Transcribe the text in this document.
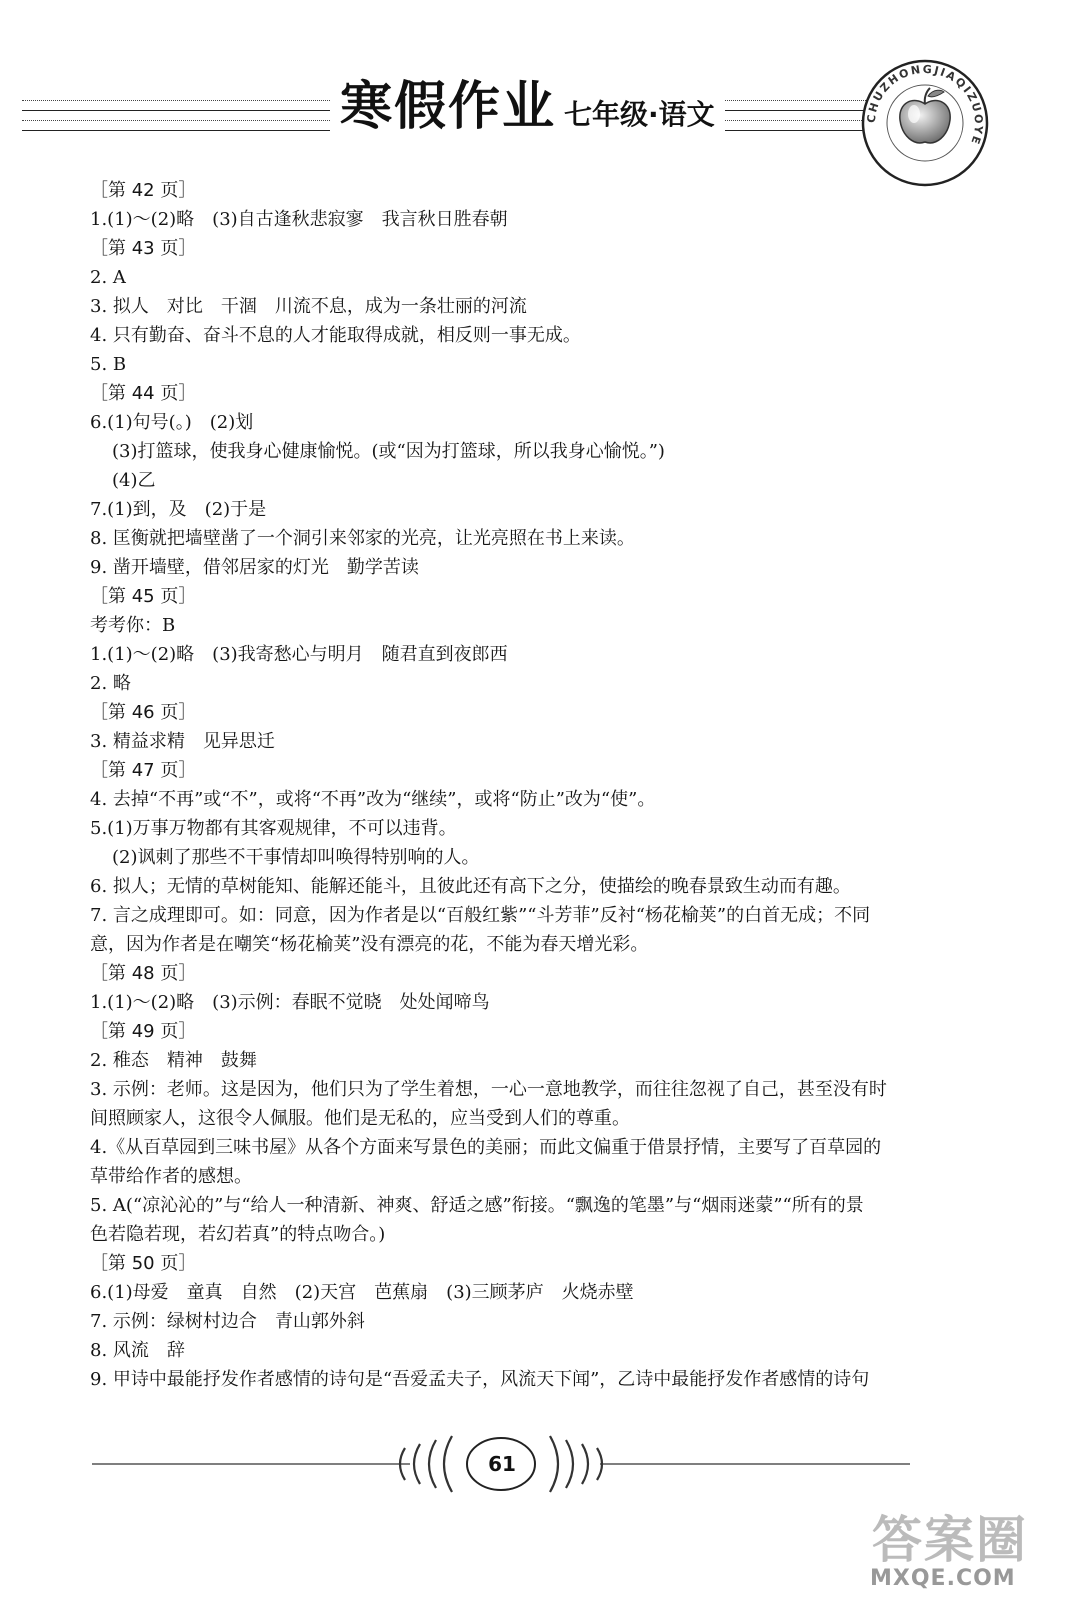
寒假作业 七年级·语文	CHUZHONGJIAQIZUOYE
［第 42 页］
1.(1)～(2)略　(3)自古逢秋悲寂寥　我言秋日胜春朝
［第 43 页］
2. A
3. 拟人　对比　干涸　川流不息，成为一条壮丽的河流
4. 只有勤奋、奋斗不息的人才能取得成就，相反则一事无成。
5. B
［第 44 页］
6.(1)句号(。)　(2)划
(3)打篮球，使我身心健康愉悦。(或“因为打篮球，所以我身心愉悦。”)
(4)乙
7.(1)到，及　(2)于是
8. 匡衡就把墙壁凿了一个洞引来邻家的光亮，让光亮照在书上来读。
9. 凿开墙壁，借邻居家的灯光　勤学苦读
［第 45 页］
考考你：B
1.(1)～(2)略　(3)我寄愁心与明月　随君直到夜郎西
2. 略
［第 46 页］
3. 精益求精　见异思迁
［第 47 页］
4. 去掉“不再”或“不”，或将“不再”改为“继续”，或将“防止”改为“使”。
5.(1)万事万物都有其客观规律，不可以违背。
(2)讽刺了那些不干事情却叫唤得特别响的人。
6. 拟人；无情的草树能知、能解还能斗，且彼此还有高下之分，使描绘的晚春景致生动而有趣。
7. 言之成理即可。如：同意，因为作者是以“百般红紫”“斗芳菲”反衬“杨花榆荚”的白首无成；不同
意，因为作者是在嘲笑“杨花榆荚”没有漂亮的花，不能为春天增光彩。
［第 48 页］
1.(1)～(2)略　(3)示例：春眠不觉晓　处处闻啼鸟
［第 49 页］
2. 稚态　精神　鼓舞
3. 示例：老师。这是因为，他们只为了学生着想，一心一意地教学，而往往忽视了自己，甚至没有时
间照顾家人，这很令人佩服。他们是无私的，应当受到人们的尊重。
4.《从百草园到三味书屋》从各个方面来写景色的美丽；而此文偏重于借景抒情，主要写了百草园的
草带给作者的感想。
5. A(“凉沁沁的”与“给人一种清新、神爽、舒适之感”衔接。“飘逸的笔墨”与“烟雨迷蒙”“所有的景
色若隐若现，若幻若真”的特点吻合。)
［第 50 页］
6.(1)母爱　童真　自然　(2)天宫　芭蕉扇　(3)三顾茅庐　火烧赤壁
7. 示例：绿树村边合　青山郭外斜
8. 风流　辞
9. 甲诗中最能抒发作者感情的诗句是“吾爱孟夫子，风流天下闻”，乙诗中最能抒发作者感情的诗句
61
答案圈
MXQE.COM
